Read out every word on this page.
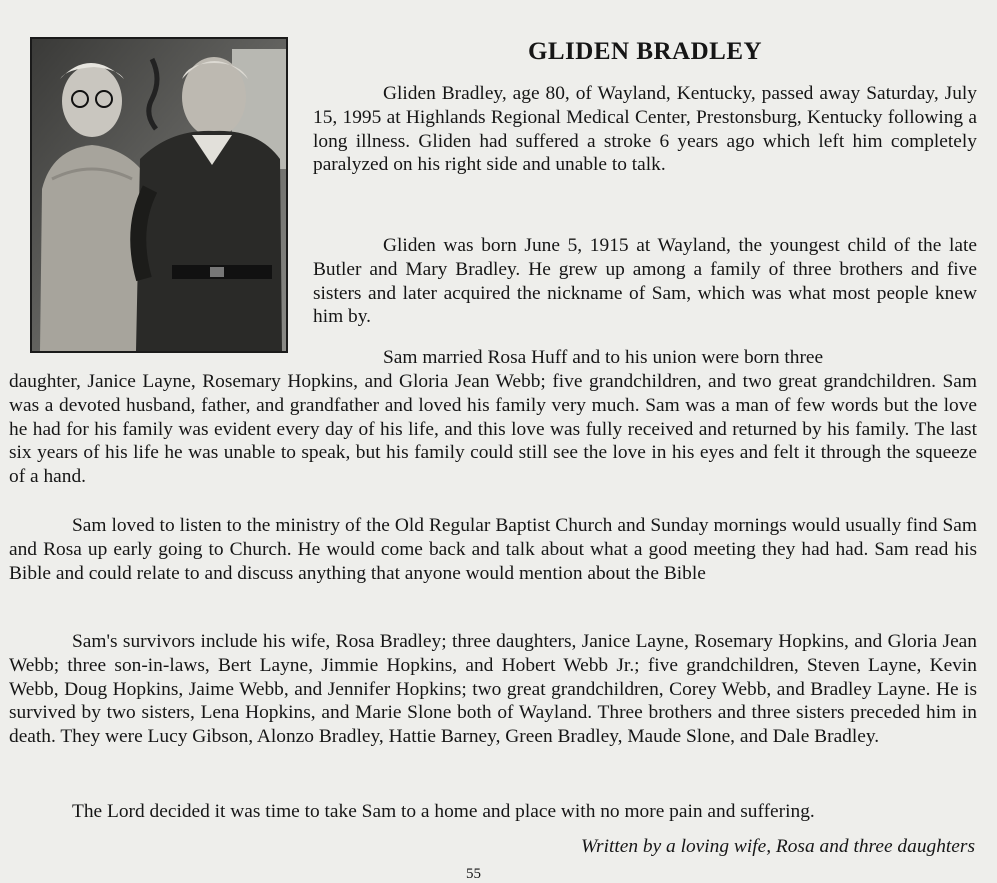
GLIDEN BRADLEY

Gliden Bradley, age 80, of Wayland, Kentucky, passed away Saturday, July 15, 1995 at Highlands Regional Medical Center, Prestonsburg, Kentucky following a long illness. Gliden had suffered a stroke 6 years ago which left him completely paralyzed on his right side and unable to talk.

Gliden was born June 5, 1915 at Wayland, the youngest child of the late Butler and Mary Bradley. He grew up among a family of three brothers and five sisters and later acquired the nickname of Sam, which was what most people knew him by.

Sam married Rosa Huff and to his union were born three

daughter, Janice Layne, Rosemary Hopkins, and Gloria Jean Webb; five grandchildren, and two great grandchildren. Sam was a devoted husband, father, and grandfather and loved his family very much. Sam was a man of few words but the love he had for his family was evident every day of his life, and this love was fully received and returned by his family. The last six years of his life he was unable to speak, but his family could still see the love in his eyes and felt it through the squeeze of a hand.

Sam loved to listen to the ministry of the Old Regular Baptist Church and Sunday mornings would usually find Sam and Rosa up early going to Church. He would come back and talk about what a good meeting they had had. Sam read his Bible and could relate to and discuss anything that anyone would mention about the Bible

Sam's survivors include his wife, Rosa Bradley; three daughters, Janice Layne, Rosemary Hopkins, and Gloria Jean Webb; three son-in-laws, Bert Layne, Jimmie Hopkins, and Hobert Webb Jr.; five grandchildren, Steven Layne, Kevin Webb, Doug Hopkins, Jaime Webb, and Jennifer Hopkins; two great grandchildren, Corey Webb, and Bradley Layne. He is survived by two sisters, Lena Hopkins, and Marie Slone both of Wayland. Three brothers and three sisters preceded him in death. They were Lucy Gibson, Alonzo Bradley, Hattie Barney, Green Bradley, Maude Slone, and Dale Bradley.

The Lord decided it was time to take Sam to a home and place with no more pain and suffering.

Written by a loving wife, Rosa and three daughters

55
